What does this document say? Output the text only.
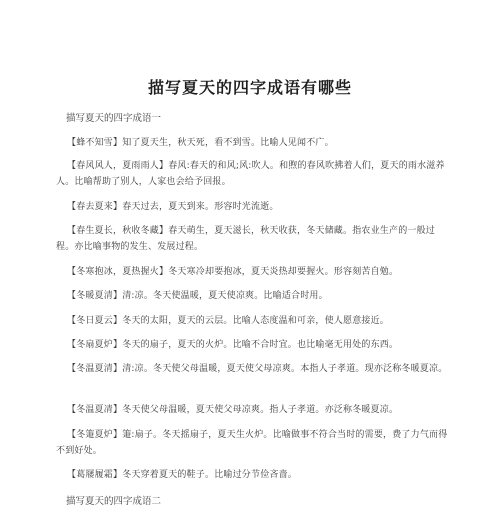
描写夏天的四字成语有哪些
描写夏天的四字成语一
【蜂不知雪】知了夏天生，秋天死，看不到雪。比喻人见闻不广。
【春风风人，夏雨雨人】春风:春天的和风;风:吹人。和煦的春风吹拂着人们，夏天的雨水滋养人。比喻帮助了别人，人家也会给予回报。
【春去夏来】春天过去，夏天到来。形容时光流逝。
【春生夏长，秋收冬藏】春天萌生，夏天滋长，秋天收获，冬天储藏。指农业生产的一般过程。亦比喻事物的发生、发展过程。
【冬寒抱冰，夏热握火】冬天寒冷却要抱冰，夏天炎热却要握火。形容刻苦自勉。
【冬暖夏清】清:凉。冬天使温暖，夏天使凉爽。比喻适合时用。
【冬日夏云】冬天的太阳，夏天的云层。比喻人态度温和可亲，使人愿意接近。
【冬扇夏炉】冬天的扇子，夏天的火炉。比喻不合时宜。也比喻毫无用处的东西。
【冬温夏清】清:凉。冬天使父母温暖，夏天使父母凉爽。本指人子孝道。现亦泛称冬暖夏凉。
【冬温夏凊】冬天使父母温暖，夏天使父母凉爽。指人子孝道。亦泛称冬暖夏凉。
【冬箑夏炉】箑:扇子。冬天摇扇子，夏天生火炉。比喻做事不符合当时的需要，费了力气而得不到好处。
【葛屦履霜】冬天穿着夏天的鞋子。比喻过分节俭吝啬。
描写夏天的四字成语二
